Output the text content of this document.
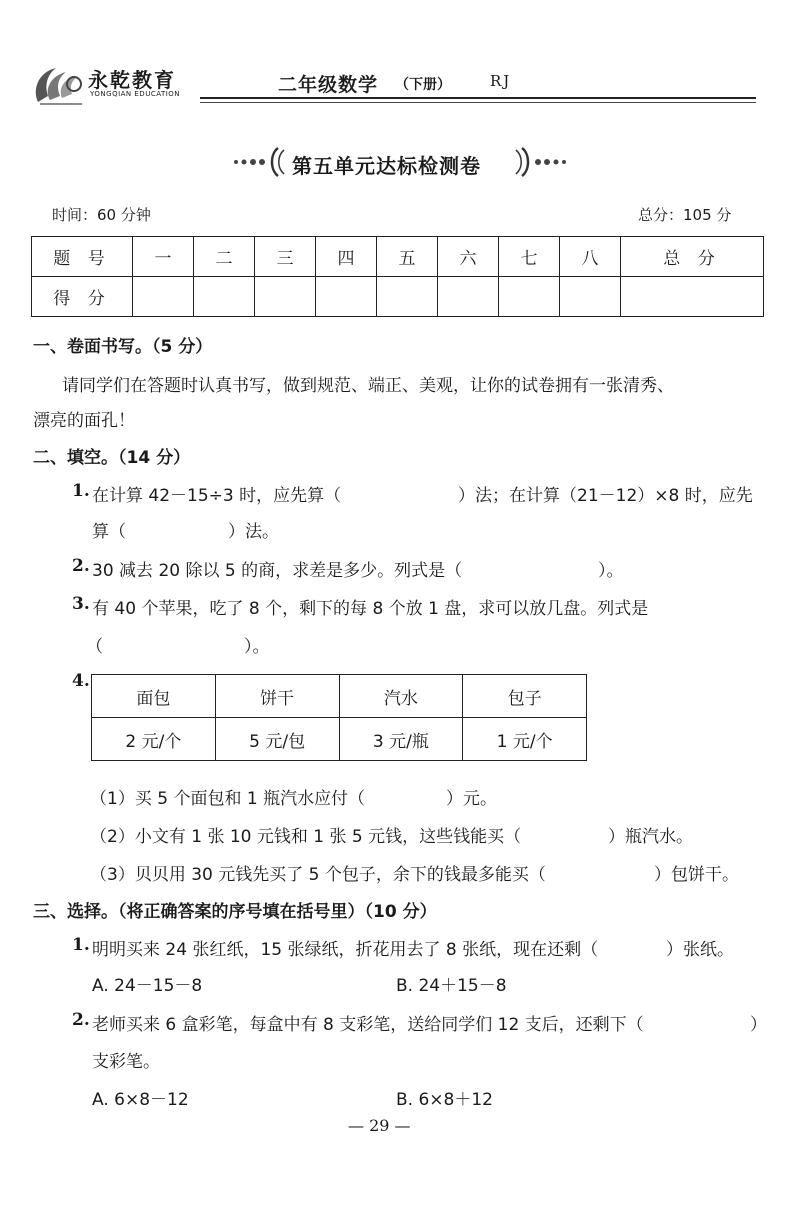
永乾教育
YONGQIAN EDUCATION	二年级数学 （下册）	RJ
第五单元达标检测卷
时间：60 分钟	总分：105 分
题 号	一	二	三	四	五	六	七	八	总 分
得 分									
一、卷面书写。（5 分）
请同学们在答题时认真书写，做到规范、端正、美观，让你的试卷拥有一张清秀、
漂亮的面孔！
二、填空。（14 分）
1. 在计算 42－15÷3 时，应先算（	）法；在计算（21－12）×8 时，应先
算（	）法。
2. 30 减去 20 除以 5 的商，求差是多少。列式是（	）。
3. 有 40 个苹果，吃了 8 个，剩下的每 8 个放 1 盘，求可以放几盘。列式是
（	）。
4.
面包	饼干	汽水	包子
2 元/个	5 元/包	3 元/瓶	1 元/个
（1）买 5 个面包和 1 瓶汽水应付（	）元。
（2）小文有 1 张 10 元钱和 1 张 5 元钱，这些钱能买（	）瓶汽水。
（3）贝贝用 30 元钱先买了 5 个包子，余下的钱最多能买（	）包饼干。
三、选择。（将正确答案的序号填在括号里）（10 分）
1. 明明买来 24 张红纸，15 张绿纸，折花用去了 8 张纸，现在还剩（	）张纸。
A. 24－15－8	B. 24＋15－8
2. 老师买来 6 盒彩笔，每盒中有 8 支彩笔，送给同学们 12 支后，还剩下（	）
支彩笔。
A. 6×8－12	B. 6×8＋12
— 29 —
